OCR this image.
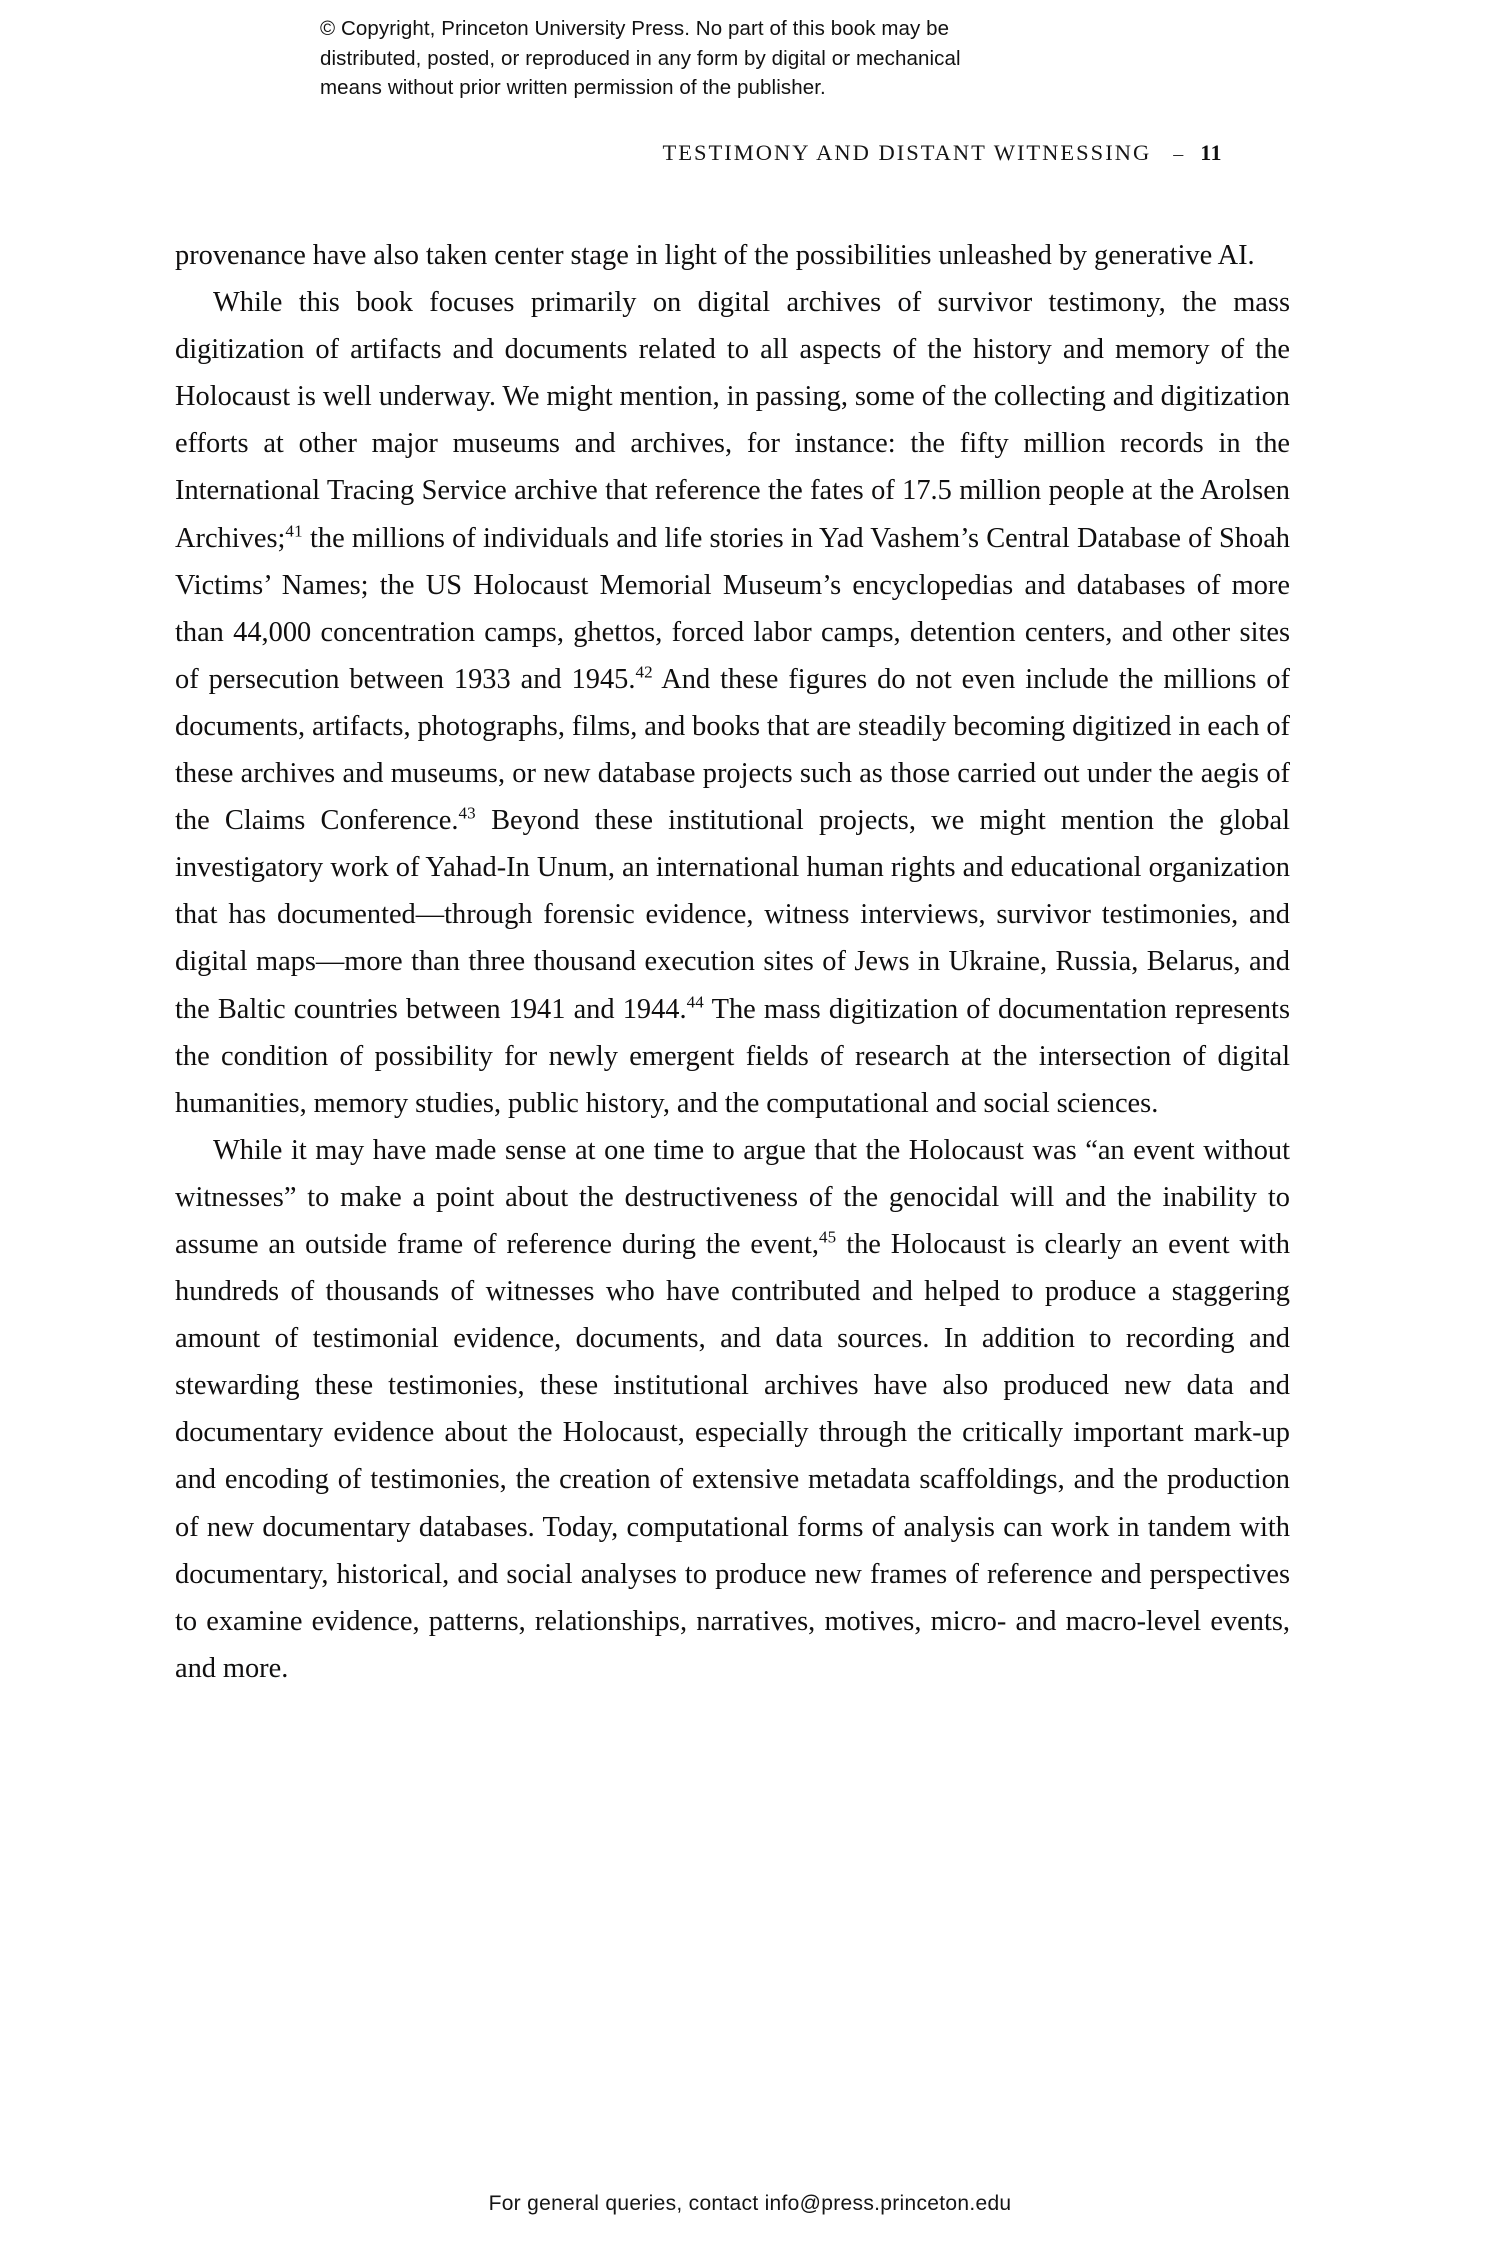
© Copyright, Princeton University Press. No part of this book may be
distributed, posted, or reproduced in any form by digital or mechanical
means without prior written permission of the publisher.
TESTIMONY AND DISTANT WITNESSING – 11

provenance have also taken center stage in light of the possibilities unleashed by generative AI.

While this book focuses primarily on digital archives of survivor testimony, the mass digitization of artifacts and documents related to all aspects of the history and memory of the Holocaust is well underway. We might mention, in passing, some of the collecting and digitization efforts at other major museums and archives, for instance: the fifty million records in the International Tracing Service archive that reference the fates of 17.5 million people at the Arolsen Archives;$^{41}$ the millions of individuals and life stories in Yad Vashem’s Central Database of Shoah Victims’ Names; the US Holocaust Memorial Museum’s encyclopedias and databases of more than 44,000 concentration camps, ghettos, forced labor camps, detention centers, and other sites of persecution between 1933 and 1945.42 And these figures do not even include the millions of documents, artifacts, photographs, films, and books that are steadily becoming digitized in each of these archives and museums, or new database projects such as those carried out under the aegis of the Claims Conference.$^{43}$ Beyond these institutional projects, we might mention the global investigatory work of Yahad-In Unum, an international human rights and educational organization that has documented—through forensic evidence, witness interviews, survivor testimonies, and digital maps—more than three thousand execution sites of Jews in Ukraine, Russia, Belarus, and the Baltic countries between 1941 and 1944.44 The mass digitization of documentation represents the condition of possibility for newly emergent fields of research at the intersection of digital humanities, memory studies, public history, and the computational and social sciences.

While it may have made sense at one time to argue that the Holocaust was “an event without witnesses” to make a point about the destructiveness of the genocidal will and the inability to assume an outside frame of reference during the event,$^{45}$ the Holocaust is clearly an event with hundreds of thousands of witnesses who have contributed and helped to produce a staggering amount of testimonial evidence, documents, and data sources. In addition to recording and stewarding these testimonies, these institutional archives have also produced new data and documentary evidence about the Holocaust, especially through the critically important mark-up and encoding of testimonies, the creation of extensive metadata scaffoldings, and the production of new documentary databases. Today, computational forms of analysis can work in tandem with documentary, historical, and social analyses to produce new frames of reference and perspectives to examine evidence, patterns, relationships, narratives, motives, micro- and macro-level events, and more.

For general queries, contact info@press.princeton.edu
